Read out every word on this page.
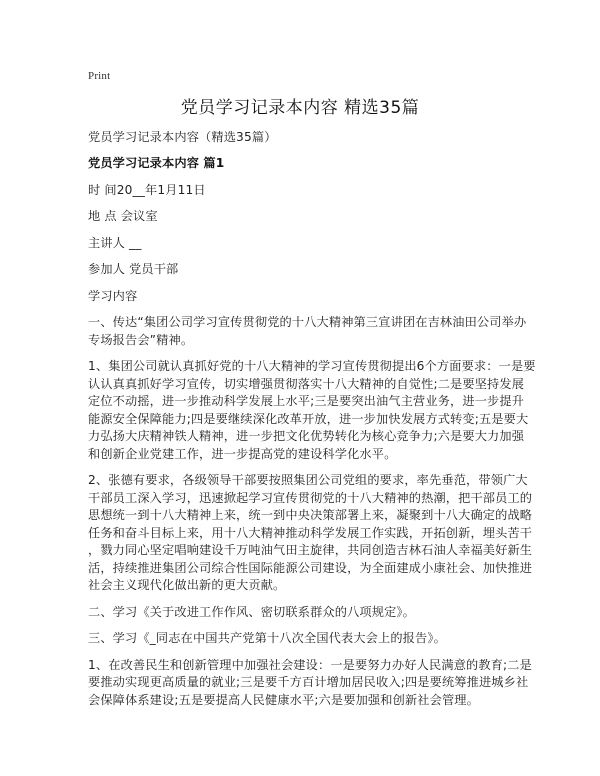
Print
党员学习记录本内容 精选35篇
党员学习记录本内容（精选35篇）
党员学习记录本内容 篇1
时 间20__年1月11日
地 点 会议室
主讲人 __
参加人 党员干部
学习内容
一、传达“集团公司学习宣传贯彻党的十八大精神第三宣讲团在吉林油田公司举办
专场报告会”精神。
1、集团公司就认真抓好党的十八大精神的学习宣传贯彻提出6个方面要求：一是要
认认真真抓好学习宣传，切实增强贯彻落实十八大精神的自觉性;二是要坚持发展
定位不动摇，进一步推动科学发展上水平;三是要突出油气主营业务，进一步提升
能源安全保障能力;四是要继续深化改革开放，进一步加快发展方式转变;五是要大
力弘扬大庆精神铁人精神，进一步把文化优势转化为核心竞争力;六是要大力加强
和创新企业党建工作，进一步提高党的建设科学化水平。
2、张德有要求，各级领导干部要按照集团公司党组的要求，率先垂范，带领广大
干部员工深入学习，迅速掀起学习宣传贯彻党的十八大精神的热潮，把干部员工的
思想统一到十八大精神上来，统一到中央决策部署上来，凝聚到十八大确定的战略
任务和奋斗目标上来，用十八大精神推动科学发展工作实践，开拓创新，埋头苦干
，戮力同心坚定唱响建设千万吨油气田主旋律，共同创造吉林石油人幸福美好新生
活，持续推进集团公司综合性国际能源公司建设，为全面建成小康社会、加快推进
社会主义现代化做出新的更大贡献。
二、学习《关于改进工作作风、密切联系群众的八项规定》。
三、学习《_同志在中国共产党第十八次全国代表大会上的报告》。
1、在改善民生和创新管理中加强社会建设：一是要努力办好人民满意的教育;二是
要推动实现更高质量的就业;三是要千方百计增加居民收入;四是要统筹推进城乡社
会保障体系建设;五是要提高人民健康水平;六是要加强和创新社会管理。
